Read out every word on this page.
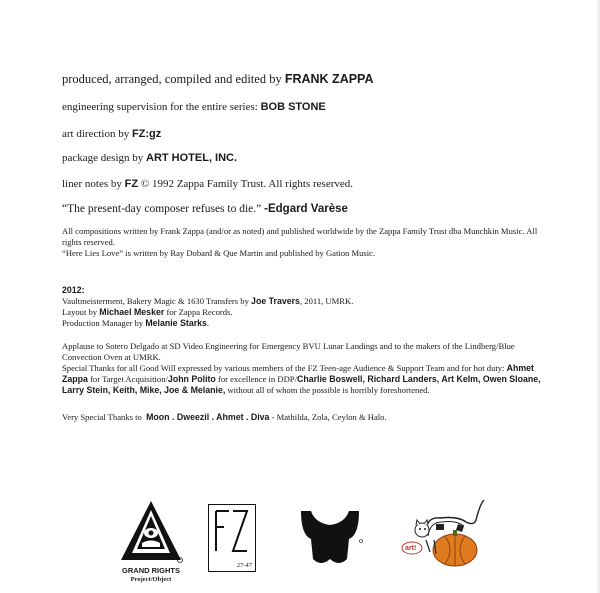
produced, arranged, compiled and edited by FRANK ZAPPA
engineering supervision for the entire series: BOB STONE
art direction by FZ:gz
package design by ART HOTEL, INC.
liner notes by FZ © 1992 Zappa Family Trust. All rights reserved.
“The present-day composer refuses to die.” -Edgard Varèse
All compositions written by Frank Zappa (and/or as noted) and published worldwide by the Zappa Family Trust dba Munchkin Music. All rights reserved.
“Here Lies Love” is written by Ray Dobard & Que Martin and published by Gation Music.
2012:
Vaultmeisterment, Bakery Magic & 1630 Transfers by Joe Travers, 2011, UMRK.
Layout by Michael Mesker for Zappa Records.
Production Manager by Melanie Starks.
Applause to Sotero Delgado at SD Video Engineering for Emergency BVU Lunar Landings and to the makers of the Lindberg/Blue Convection Oven at UMRK.
Special Thanks for all Good Will expressed by various members of the FZ Teen-age Audience & Support Team and for hot duty: Ahmet Zappa for Target Acquisition/John Polito for excellence in DDP/Charlie Boswell, Richard Landers, Art Kelm, Owen Sloane, Larry Stein, Keith, Mike, Joe & Melanie, without all of whom the possible is horribly foreshortened.
Very Special Thanks to Moon . Dweezil . Ahmet . Diva - Mathilda, Zola, Ceylon & Halo.
GRAND RIGHTS
Project/Object
27-47
art!
